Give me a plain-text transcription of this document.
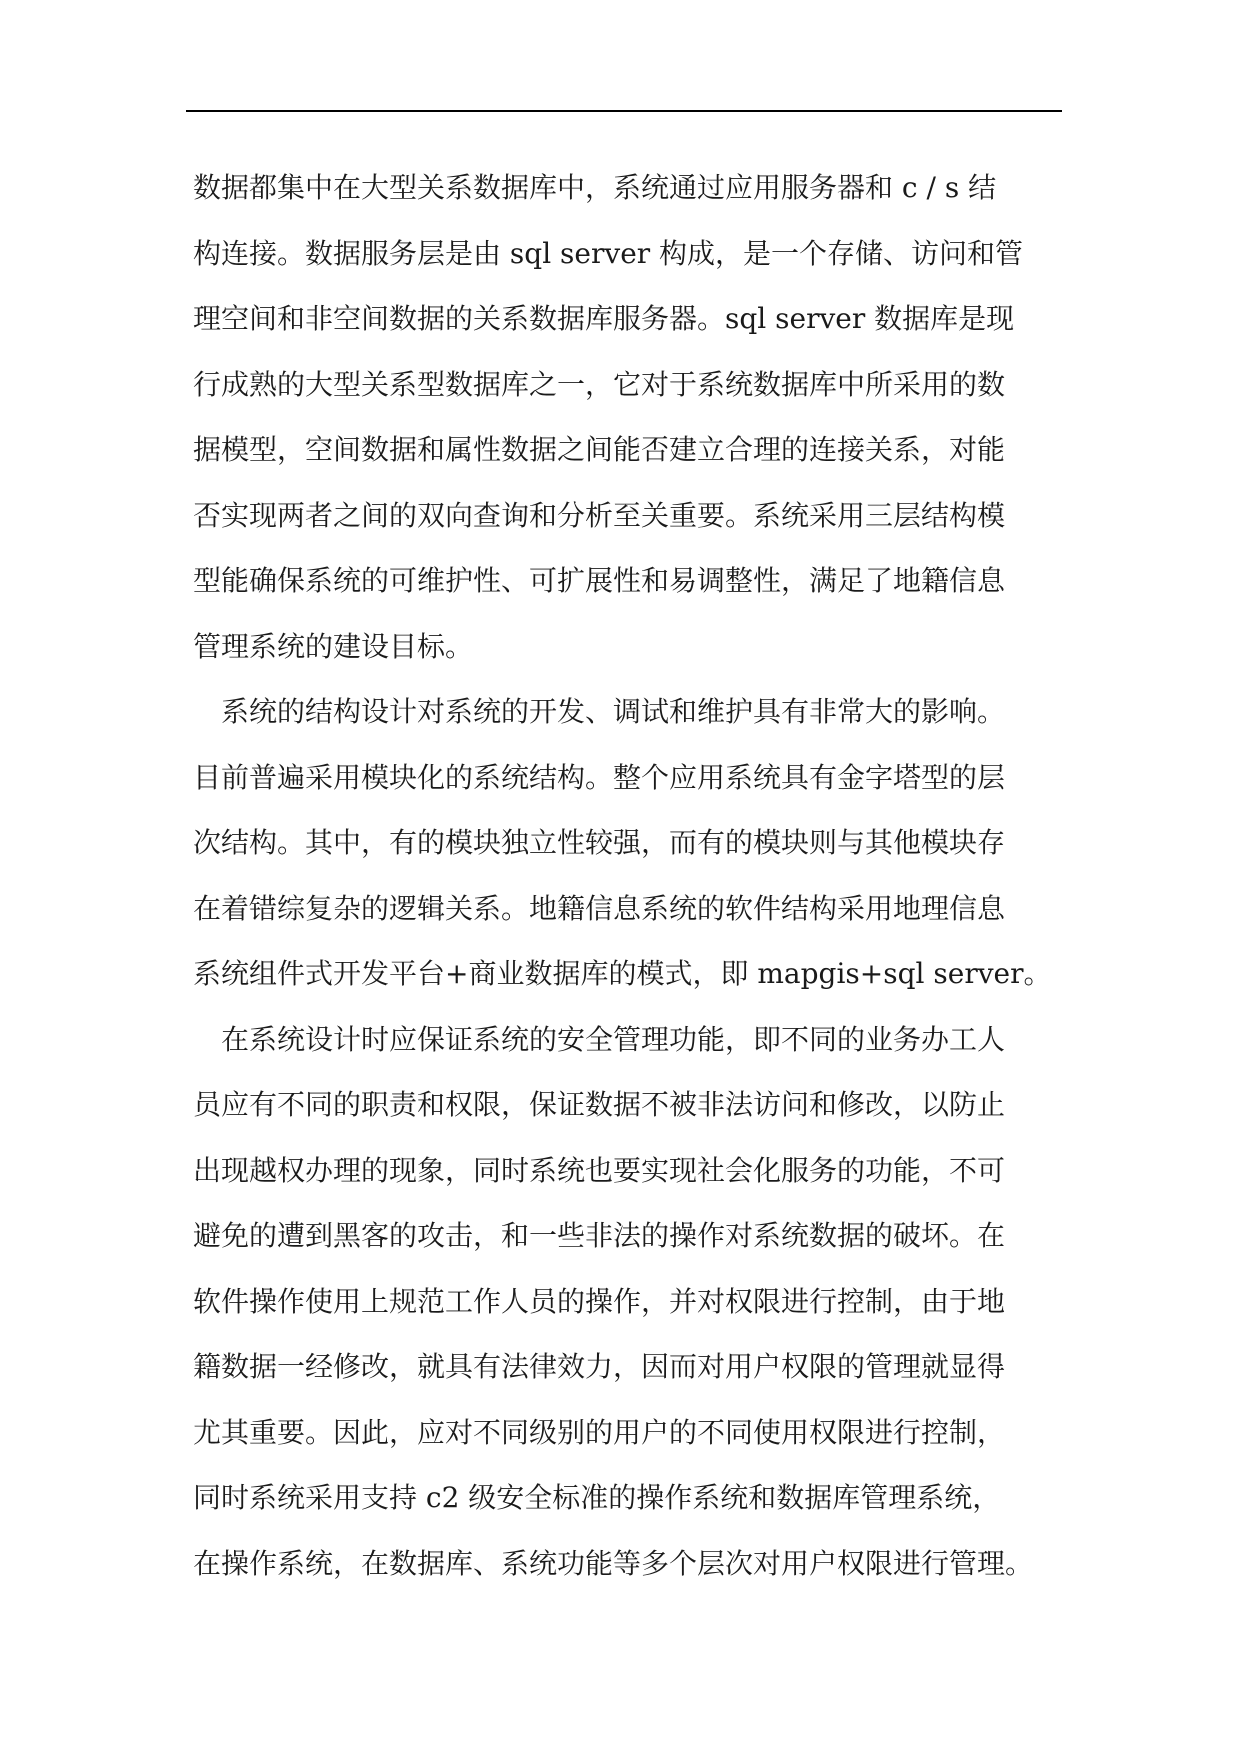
数据都集中在大型关系数据库中，系统通过应用服务器和 c / s 结
构连接。数据服务层是由 sql server 构成，是一个存储、访问和管
理空间和非空间数据的关系数据库服务器。sql server 数据库是现
行成熟的大型关系型数据库之一，它对于系统数据库中所采用的数
据模型，空间数据和属性数据之间能否建立合理的连接关系，对能
否实现两者之间的双向查询和分析至关重要。系统采用三层结构模
型能确保系统的可维护性、可扩展性和易调整性，满足了地籍信息
管理系统的建设目标。
系统的结构设计对系统的开发、调试和维护具有非常大的影响。
目前普遍采用模块化的系统结构。整个应用系统具有金字塔型的层
次结构。其中，有的模块独立性较强，而有的模块则与其他模块存
在着错综复杂的逻辑关系。地籍信息系统的软件结构采用地理信息
系统组件式开发平台+商业数据库的模式，即 mapgis+sql server。
在系统设计时应保证系统的安全管理功能，即不同的业务办工人
员应有不同的职责和权限，保证数据不被非法访问和修改，以防止
出现越权办理的现象，同时系统也要实现社会化服务的功能，不可
避免的遭到黑客的攻击，和一些非法的操作对系统数据的破坏。在
软件操作使用上规范工作人员的操作，并对权限进行控制，由于地
籍数据一经修改，就具有法律效力，因而对用户权限的管理就显得
尤其重要。因此，应对不同级别的用户的不同使用权限进行控制，
同时系统采用支持 c2 级安全标准的操作系统和数据库管理系统，
在操作系统，在数据库、系统功能等多个层次对用户权限进行管理。
